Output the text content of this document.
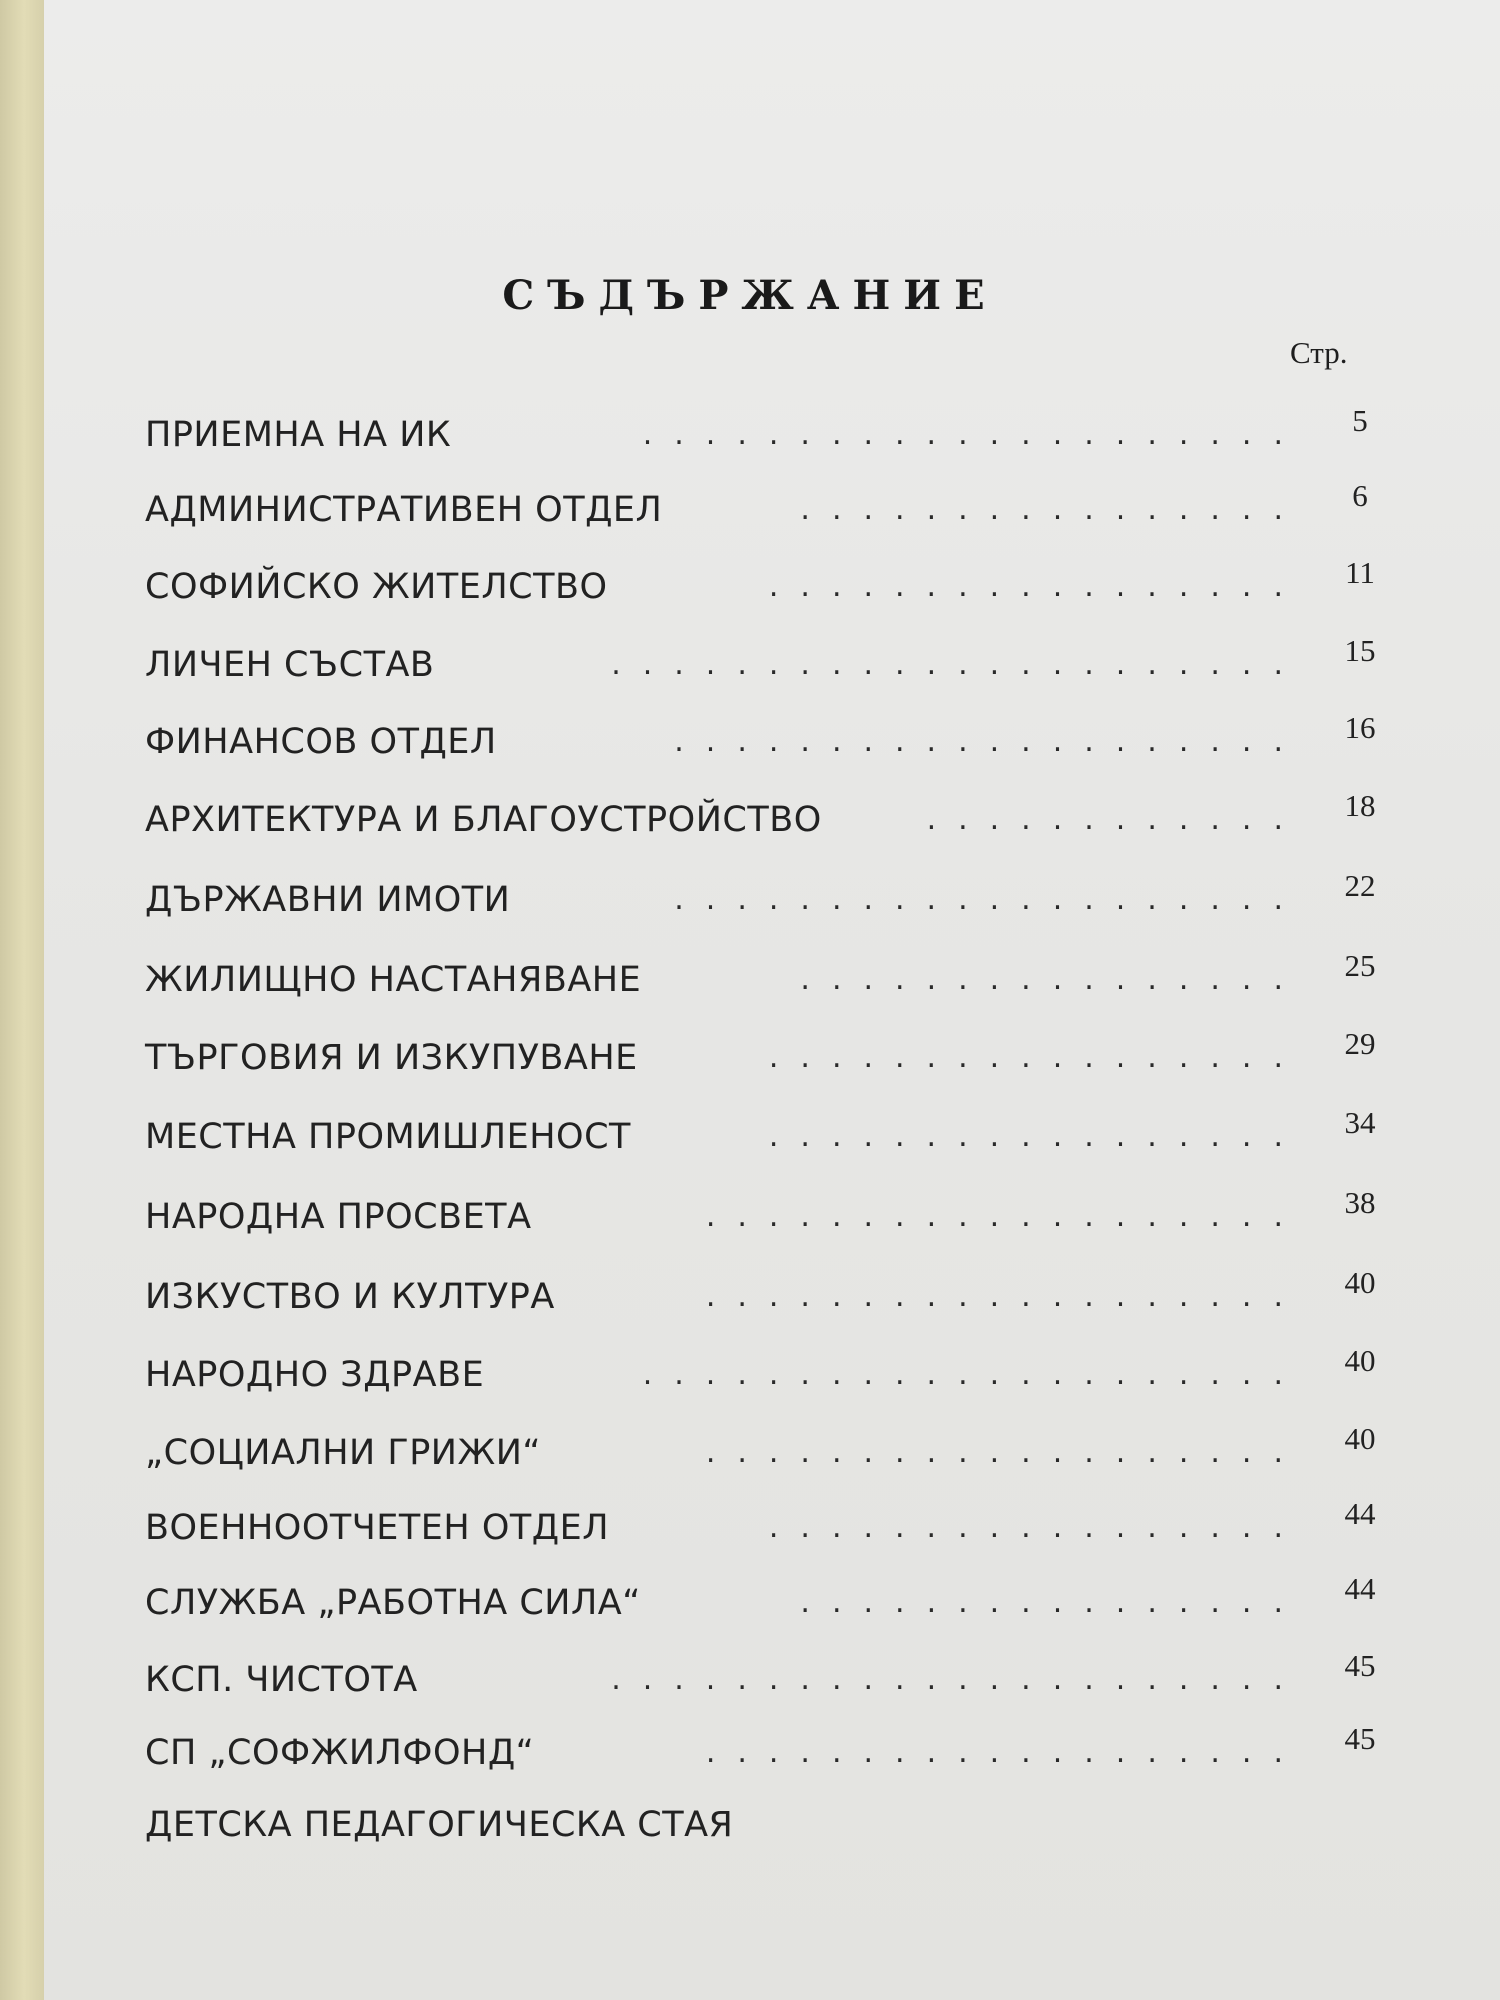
СЪДЪРЖАНИЕ
Стр.
ПРИЕМНА НА ИК	.....................	5
АДМИНИСТРАТИВЕН ОТДЕЛ	................	6
СОФИЙСКО ЖИТЕЛСТВО	.................	11
ЛИЧЕН СЪСТАВ	......................	15
ФИНАНСОВ ОТДЕЛ	....................	16
АРХИТЕКТУРА И БЛАГОУСТРОЙСТВО	............	18
ДЪРЖАВНИ ИМОТИ	....................	22
ЖИЛИЩНО НАСТАНЯВАНЕ	................	25
ТЪРГОВИЯ И ИЗКУПУВАНЕ	.................	29
МЕСТНА ПРОМИШЛЕНОСТ	.................	34
НАРОДНА ПРОСВЕТА	...................	38
ИЗКУСТВО И КУЛТУРА	...................	40
НАРОДНО ЗДРАВЕ	.....................	40
„СОЦИАЛНИ ГРИЖИ“	...................	40
ВОЕННООТЧЕТЕН ОТДЕЛ	.................	44
СЛУЖБА „РАБОТНА СИЛА“	................	44
КСП. ЧИСТОТА	......................	45
СП „СОФЖИЛФОНД“	...................	45
ДЕТСКА ПЕДАГОГИЧЕСКА СТАЯ
